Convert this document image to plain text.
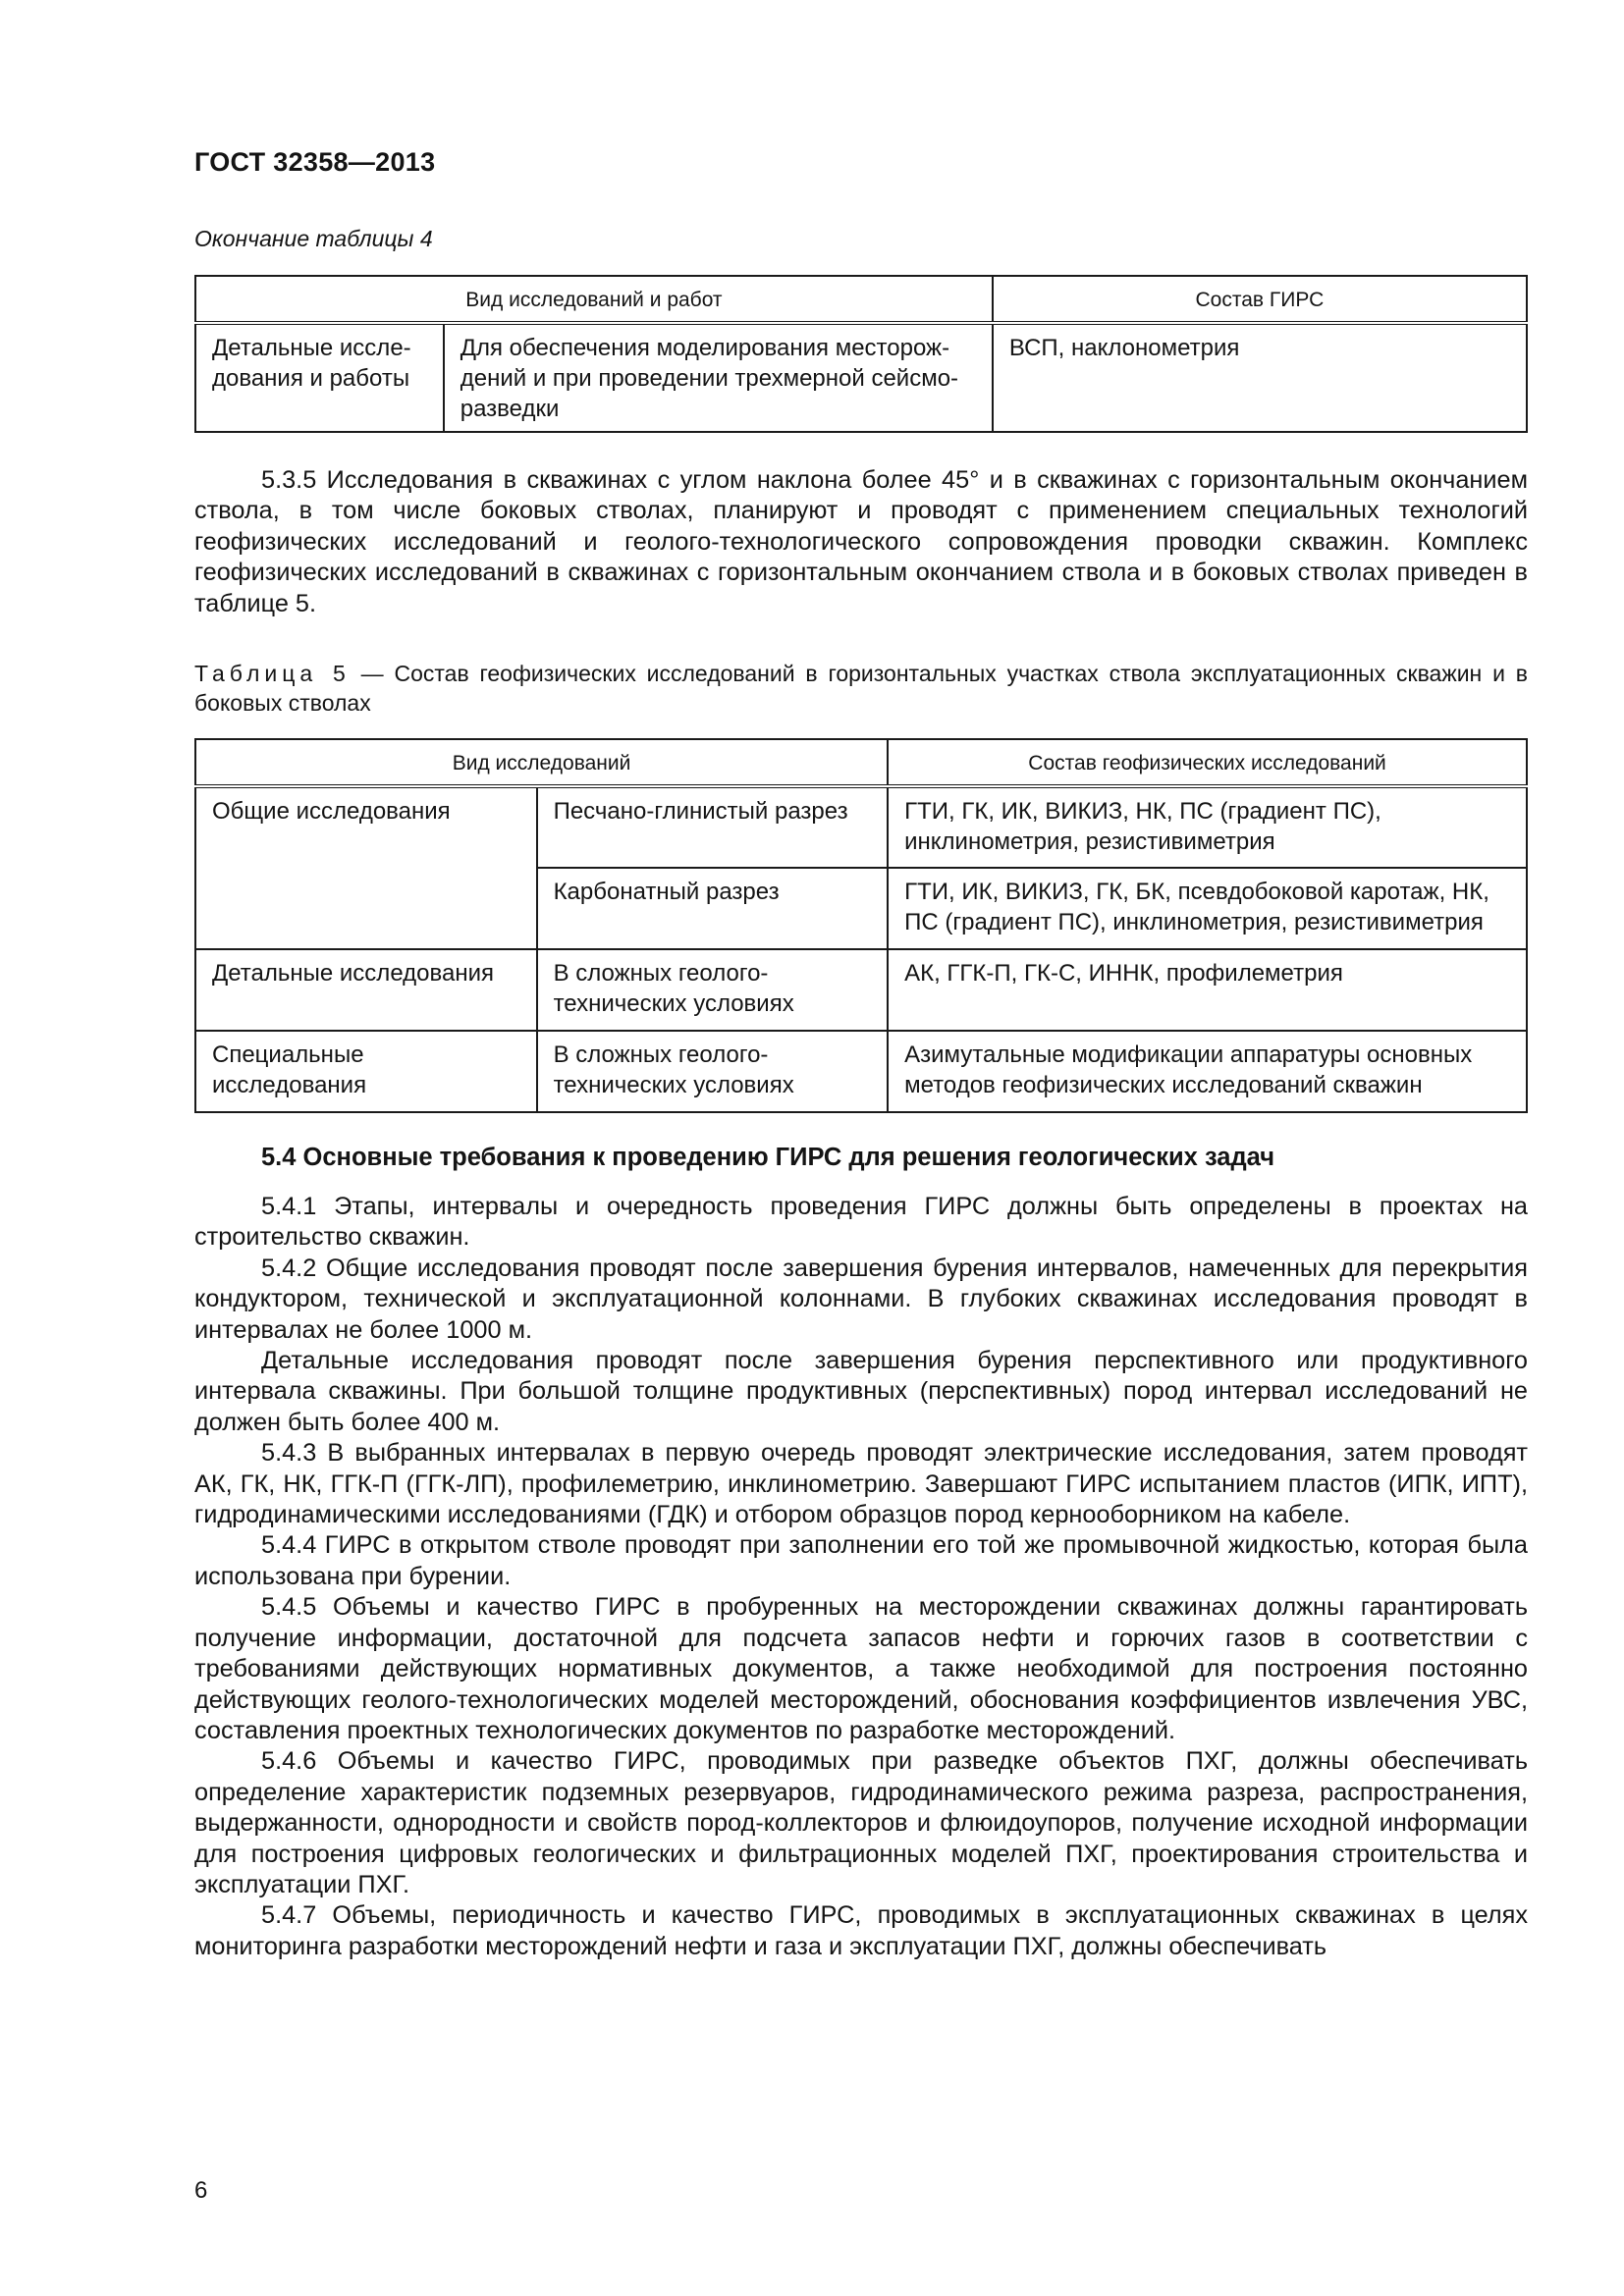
ГОСТ 32358—2013
Окончание таблицы 4
Вид исследований и работ		Состав ГИРС
Детальные иссле-дования и работы	Для обеспечения моделирования месторож-дений и при проведении трехмерной сейсмо-разведки	ВСП, наклонометрия

5.3.5 Исследования в скважинах с углом наклона более 45° и в скважинах с горизонтальным окончанием ствола, в том числе боковых стволах, планируют и проводят с применением специальных технологий геофизических исследований и геолого-технологического сопровождения проводки скважин. Комплекс геофизических исследований в скважинах с горизонтальным окончанием ствола и в боковых стволах приведен в таблице 5.

Таблица 5 — Состав геофизических исследований в горизонтальных участках ствола эксплуатационных скважин и в боковых стволах
Вид исследований		Состав геофизических исследований
Общие исследования	Песчано-глинистый разрез	ГТИ, ГК, ИК, ВИКИЗ, НК, ПС (градиент ПС), инклинометрия, резистивиметрия
	Карбонатный разрез	ГТИ, ИК, ВИКИЗ, ГК, БК, псевдобоковой каротаж, НК, ПС (градиент ПС), инклинометрия, резистивиметрия
Детальные исследования	В сложных геолого-технических условиях	АК, ГГК-П, ГК-С, ИННК, профилеметрия
Специальные исследования	В сложных геолого-технических условиях	Азимутальные модификации аппаратуры основных методов геофизических исследований скважин
5.4 Основные требования к проведению ГИРС для решения геологических задач

5.4.1 Этапы, интервалы и очередность проведения ГИРС должны быть определены в проектах на строительство скважин.

5.4.2 Общие исследования проводят после завершения бурения интервалов, намеченных для перекрытия кондуктором, технической и эксплуатационной колоннами. В глубоких скважинах исследования проводят в интервалах не более 1000 м.

Детальные исследования проводят после завершения бурения перспективного или продуктивного интервала скважины. При большой толщине продуктивных (перспективных) пород интервал исследований не должен быть более 400 м.

5.4.3 В выбранных интервалах в первую очередь проводят электрические исследования, затем проводят АК, ГК, НК, ГГК-П (ГГК-ЛП), профилеметрию, инклинометрию. Завершают ГИРС испытанием пластов (ИПК, ИПТ), гидродинамическими исследованиями (ГДК) и отбором образцов пород кернооборником на кабеле.

5.4.4 ГИРС в открытом стволе проводят при заполнении его той же промывочной жидкостью, которая была использована при бурении.

5.4.5 Объемы и качество ГИРС в пробуренных на месторождении скважинах должны гарантировать получение информации, достаточной для подсчета запасов нефти и горючих газов в соответствии с требованиями действующих нормативных документов, а также необходимой для построения постоянно действующих геолого-технологических моделей месторождений, обоснования коэффициентов извлечения УВС, составления проектных технологических документов по разработке месторождений.

5.4.6 Объемы и качество ГИРС, проводимых при разведке объектов ПХГ, должны обеспечивать определение характеристик подземных резервуаров, гидродинамического режима разреза, распространения, выдержанности, однородности и свойств пород-коллекторов и флюидоупоров, получение исходной информации для построения цифровых геологических и фильтрационных моделей ПХГ, проектирования строительства и эксплуатации ПХГ.

5.4.7 Объемы, периодичность и качество ГИРС, проводимых в эксплуатационных скважинах в целях мониторинга разработки месторождений нефти и газа и эксплуатации ПХГ, должны обеспечивать

6
